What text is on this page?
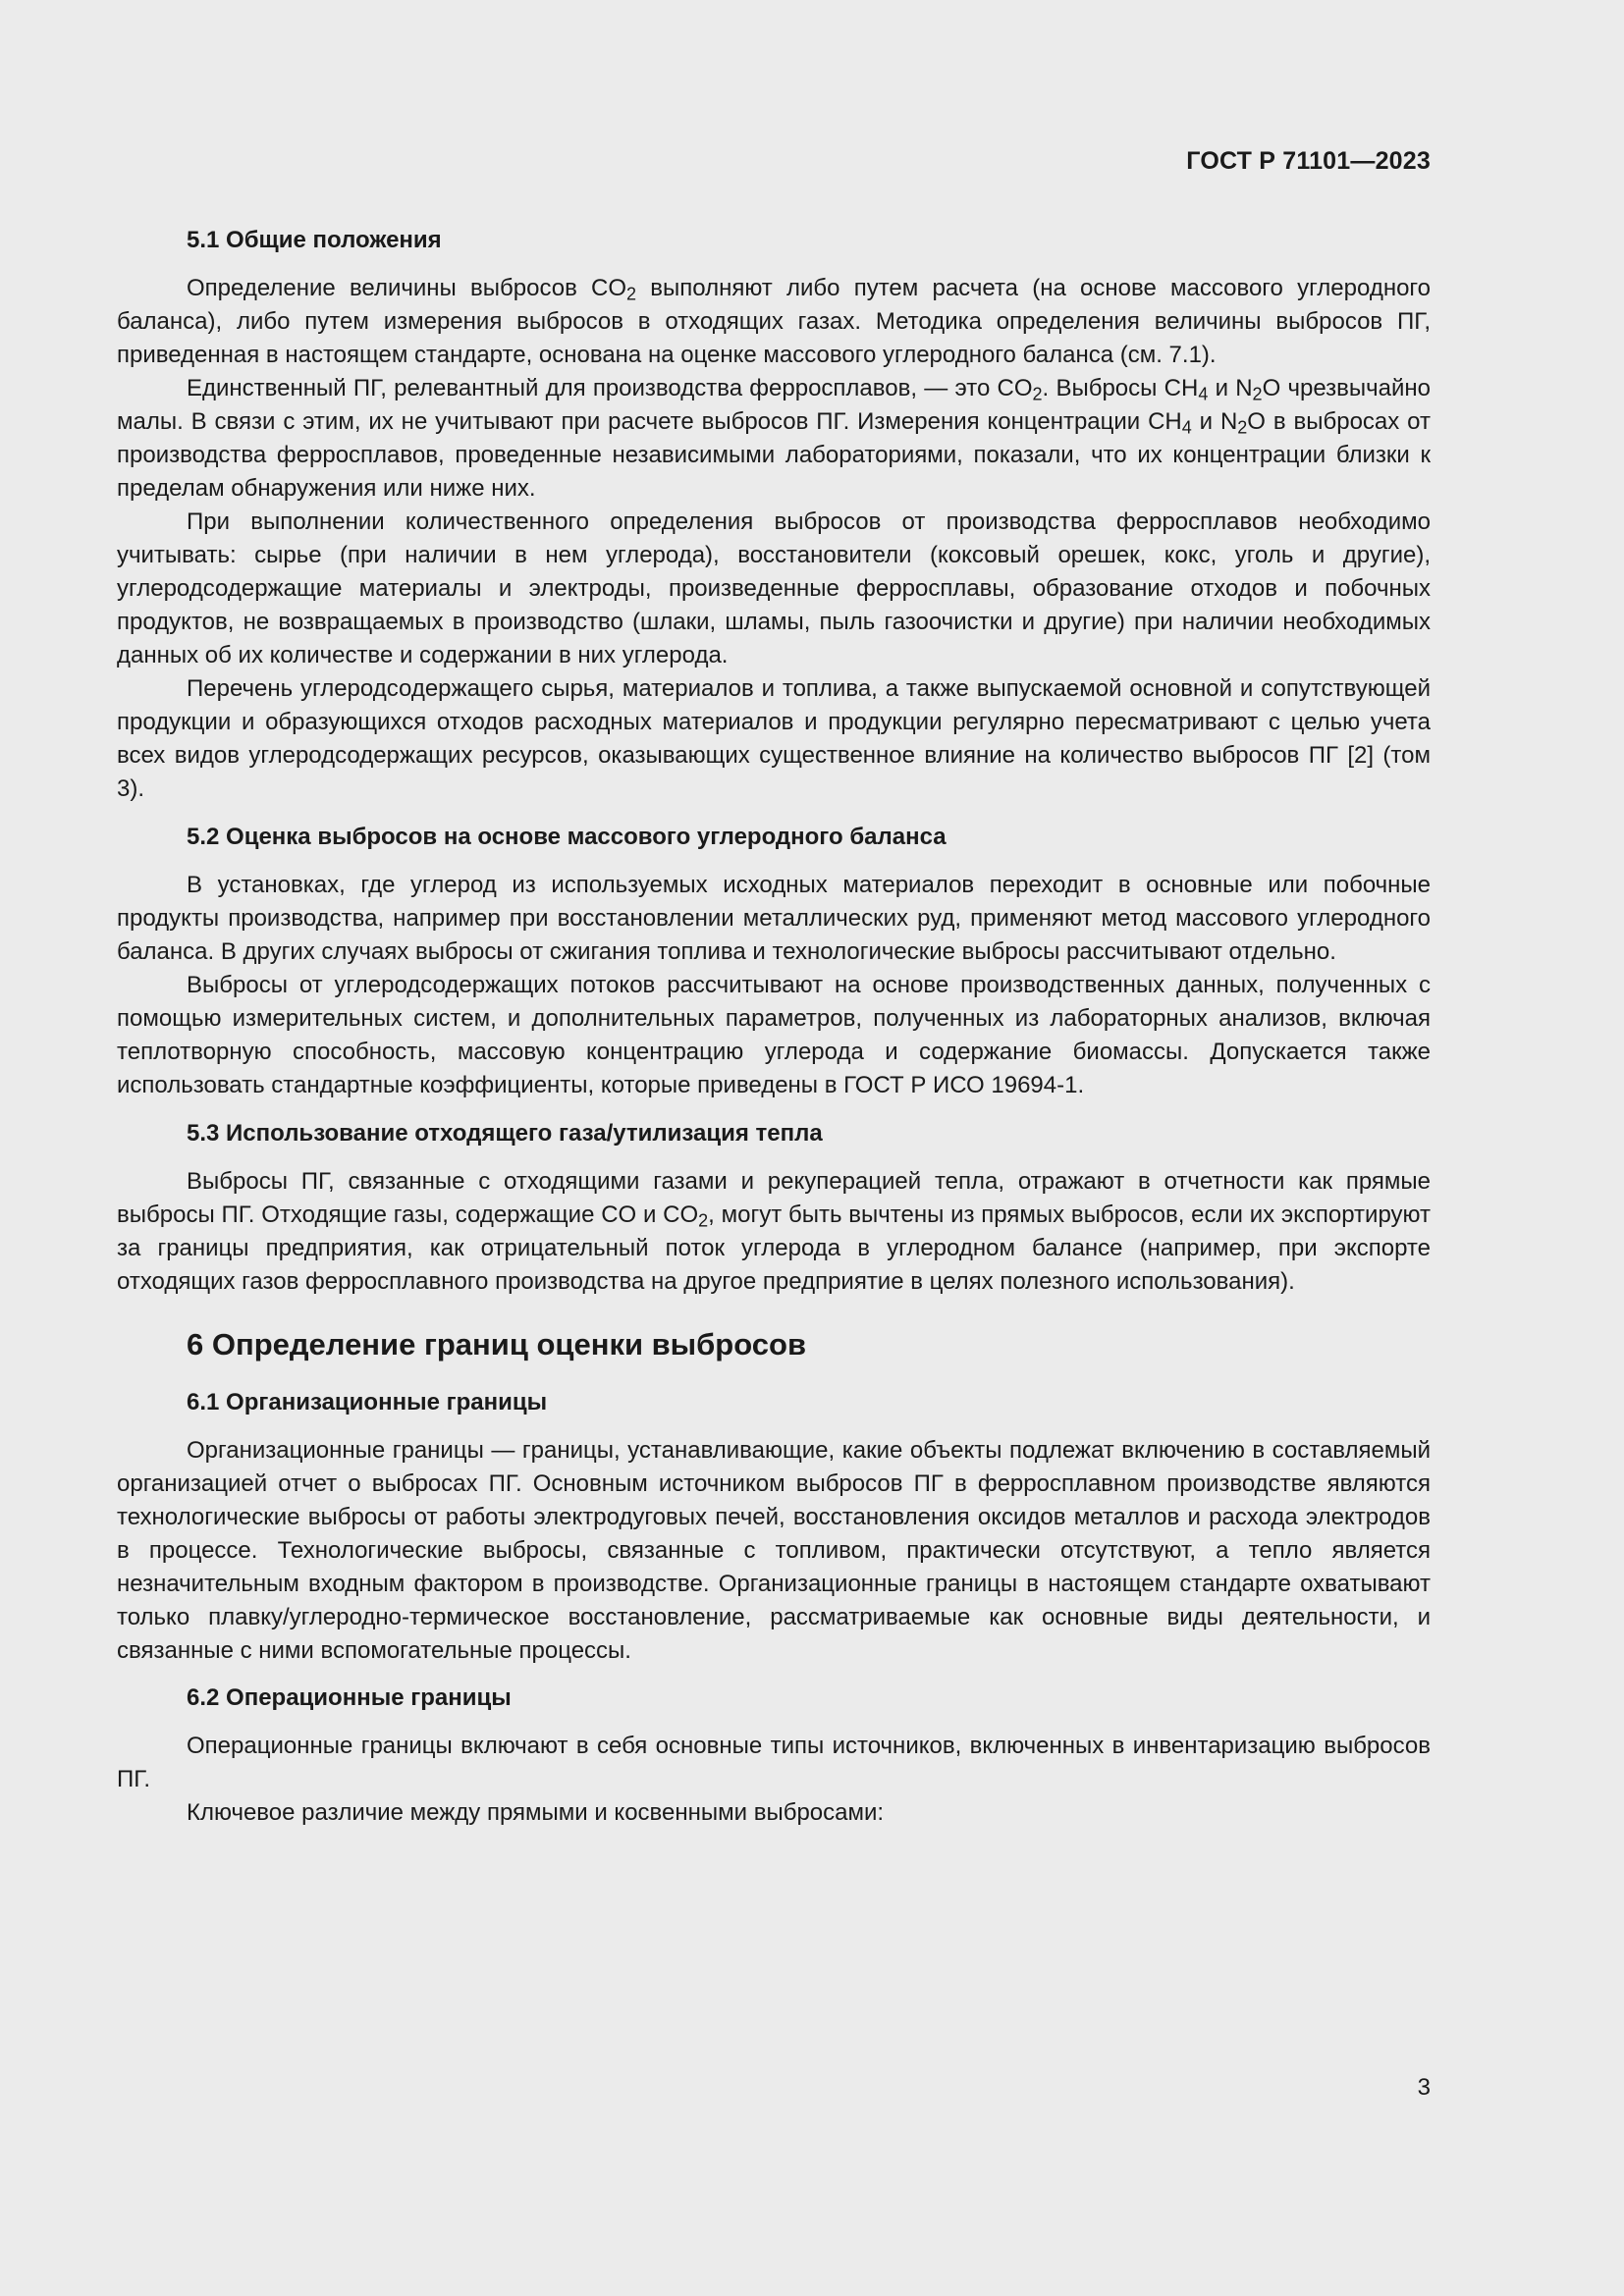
ГОСТ Р 71101—2023
5.1 Общие положения

Определение величины выбросов $CO_2$ выполняют либо путем расчета (на основе массового углеродного баланса), либо путем измерения выбросов в отходящих газах. Методика определения величины выбросов ПГ, приведенная в настоящем стандарте, основана на оценке массового углеродного баланса (см. 7.1).

Единственный ПГ, релевантный для производства ферросплавов, — это $CO_2$. Выбросы $CH_4$ и $N_2O$ чрезвычайно малы. В связи с этим, их не учитывают при расчете выбросов ПГ. Измерения концентрации $CH_4$ и $N_2O$ в выбросах от производства ферросплавов, проведенные независимыми лабораториями, показали, что их концентрации близки к пределам обнаружения или ниже них.

При выполнении количественного определения выбросов от производства ферросплавов необходимо учитывать: сырье (при наличии в нем углерода), восстановители (коксовый орешек, кокс, уголь и другие), углеродсодержащие материалы и электроды, произведенные ферросплавы, образование отходов и побочных продуктов, не возвращаемых в производство (шлаки, шламы, пыль газоочистки и другие) при наличии необходимых данных об их количестве и содержании в них углерода.

Перечень углеродсодержащего сырья, материалов и топлива, а также выпускаемой основной и сопутствующей продукции и образующихся отходов расходных материалов и продукции регулярно пересматривают с целью учета всех видов углеродсодержащих ресурсов, оказывающих существенное влияние на количество выбросов ПГ [2] (том 3).

5.2 Оценка выбросов на основе массового углеродного баланса

В установках, где углерод из используемых исходных материалов переходит в основные или побочные продукты производства, например при восстановлении металлических руд, применяют метод массового углеродного баланса. В других случаях выбросы от сжигания топлива и технологические выбросы рассчитывают отдельно.

Выбросы от углеродсодержащих потоков рассчитывают на основе производственных данных, полученных с помощью измерительных систем, и дополнительных параметров, полученных из лабораторных анализов, включая теплотворную способность, массовую концентрацию углерода и содержание биомассы. Допускается также использовать стандартные коэффициенты, которые приведены в ГОСТ Р ИСО 19694-1.

5.3 Использование отходящего газа/утилизация тепла

Выбросы ПГ, связанные с отходящими газами и рекуперацией тепла, отражают в отчетности как прямые выбросы ПГ. Отходящие газы, содержащие CO и $CO_2$, могут быть вычтены из прямых выбросов, если их экспортируют за границы предприятия, как отрицательный поток углерода в углеродном балансе (например, при экспорте отходящих газов ферросплавного производства на другое предприятие в целях полезного использования).

6 Определение границ оценки выбросов
6.1 Организационные границы

Организационные границы — границы, устанавливающие, какие объекты подлежат включению в составляемый организацией отчет о выбросах ПГ. Основным источником выбросов ПГ в ферросплавном производстве являются технологические выбросы от работы электродуговых печей, восстановления оксидов металлов и расхода электродов в процессе. Технологические выбросы, связанные с топливом, практически отсутствуют, а тепло является незначительным входным фактором в производстве. Организационные границы в настоящем стандарте охватывают только плавку/углеродно-термическое восстановление, рассматриваемые как основные виды деятельности, и связанные с ними вспомогательные процессы.

6.2 Операционные границы

Операционные границы включают в себя основные типы источников, включенных в инвентаризацию выбросов ПГ.

Ключевое различие между прямыми и косвенными выбросами:

3
